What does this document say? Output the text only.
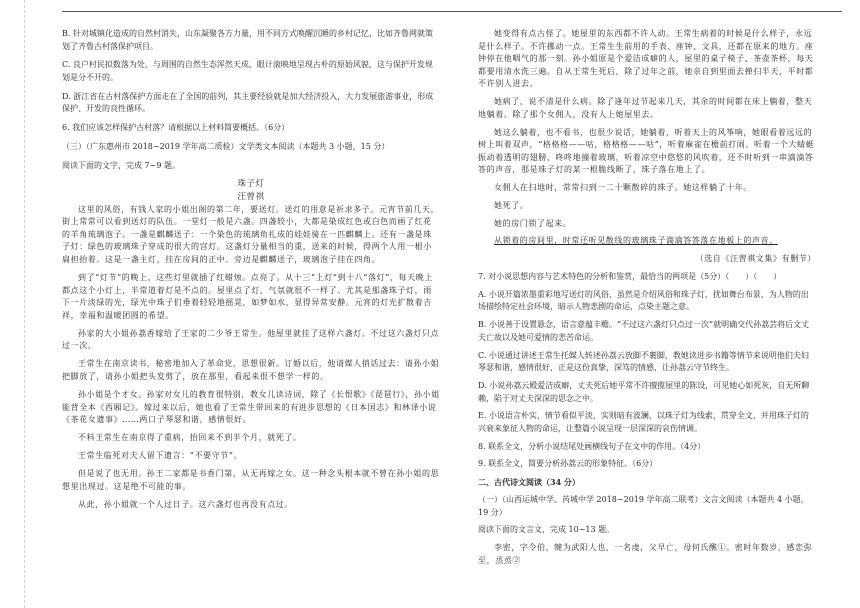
B. 针对城镇化造成的自然村消失，山东凝聚各方力量，用不同方式唤醒沉睡的乡村记忆，比如齐鲁网就策划了齐鲁古村落保护项目。

C. 良户村民拟数落为处，与周围的自然生态浑然天成，眼计滚映地呈现古朴的原始风貌，这与保护开发规划是分不开的。

D. 浙江省在古村落保护方面走在了全国的前列，其主要经验就是加大经济投入，大力发展旅游事业，形成保护、开发的良性循环。

6. 我们应该怎样保护古村落？请根据以上材料简要概括。（6分）

（三）（广东惠州市 2018~2019 学年高二质检）文学类文本阅读（本题共 3 小题，15 分）

阅读下面的文字，完成 7~9 题。

珠子灯

汪曾祺

这里的风俗，有钱人家的小姐出阁的第二年，要送灯。送灯的用意是祈求多子。元宵节前几天，街上常常可以看到送灯的队伍。一堂灯一般是六盏。四盏较小，大都是染成红色或白色而画了红花的羊角琉璃泡子。一盏是麒麟送子：一个染色的琉璃角扎成的娃娃骑在一匹麒麟上。还有一盏是珠子灯：绿色的玻璃珠子穿成的很大的宫灯。这盏灯分量相当的重，送来的时候，得两个人用一根小扁担抬着。这是一盏主灯，挂在房间的正中。旁边是麒麟送子，玻璃泡子挂在四角。

到了“灯节”的晚上，这些灯里就插了红蜡烛。点亮了。从十三“上灯”到十八“落灯”，每天晚上都点这个小灯上，半常道着灯是不点的。屋里点了灯，气氛就很不一样了。尤其是那盏珠子灯，雨下一片淡绿的光，绿光中珠子们垂着轻轻地摇晃，如梦如水，显得异常安静。元宵的灯光扩散着吉祥，幸福和温暖团圆的希望。

孙家的大小姐孙荔香嫁给了王家的二少爷王常生。他屋里就挂了这样六盏灯。不过这六盏灯只点过一次。

王常生在南京读书，秘密地加入了革命党，思想很新。订婚以后，他请媒人捎话过去：请孙小姐把脚放了，请孙小姐把头发剪了，放在那里，看起来很不想学一样的。

孙小姐是个才女。孙家对女儿的教育很特别，教女儿读诗词，除了《长恨歌》《琵琶行》，孙小姐能背全本《西厢记》。嫁过来以后，她也看了王常生带回来的有进步思想的《日本国志》和林译小说《茶花女遗事》……两口子琴瑟和谐，感情很好。

不料王常生在南京得了重病，抬回来不到半个月，就死了。

王常生临死对夫人留下遗言：“不要守节”。

但是说了也无用。孙王二家都是书香门第，从无再嫁之女。这一种念头根本就不曾在孙小姐的思想里出现过。这是绝不可能的事。

从此，孙小姐就一个人过日子。这六盏灯也再没有点过。

她变得有点古怪了。她屋里的东西都不许人动。王常生病着的时候是什么样子，永远是什么样子。不许挪动一点。王常生生前用的手表、座钟、文具，还都在原来的地方。座钟停在他咽气的那一刻。孙小姐原是个爱洁成癖的人，屋里的桌子椅子、茶壶茶杯，每天都要用清水洗三遍。自从王常生死后，除了过年之前，她亲自到里面去掸扫半天，平时都不许别人进去。

她病了，说不清是什么病。除了逢年过节起来几天，其余的时间都在床上躺着，整天地躺着。除了那个女佣人，没有人上她屋里去。

她这么躺着，也不看书，也很少说话，她躺着，听着天上的风筝响，她眼看着远远的树上叫着双声，“格格格——咕，格格格——咕”，听着麻雀在檐前打闹。听着一个大蜻蜓振动着透明的翅膀，咚咚地撞着玻璃，听着凉空中悠悠的风吹着，还不时听到一串滴滴答答的声音，那是珠子灯的某一根脆线断了，珠子落在地上了。

女佣人在扫地时，常常扫到一二十颗散碎的珠子。她这样躺了十年。

她死了。

她的房门锁了起来。

从锁着的房间里，时常还听见散线的玻璃珠子滴滴答答落在地板上的声音。

（选自《汪曾祺文集》有删节）

7. 对小说思想内容与艺术特色的分析和鉴赏，最恰当的两项是（5分）（　　）（　　）

A. 小说开篇浓墨重彩地写送灯的风俗，虽然是介绍风俗和珠子灯，扰如舞台布景，为人物的出场描绘特定社会环境，暗示人物悲剧的命运，点染主题之意。

B. 小说善于设置悬念，语言意蕴丰赡。“不过这六盏灯只点过一次”就明确交代孙荔芸将后文丈夫亡故以及她可爱情的悲苦命运。

C. 小说通过讲述王常生托媒人转述孙荔云放脚不裹脚，教她读进步书籍等情节来说明他们夫妇琴瑟和谐，感情很好，正是这份真挚，深笃的情感，让孙荔云守节终生。

D. 小说孙荔云殿爱洁成癖，丈夫死后她平常不许擅揽屋里的陈设，可见她心如死灰，自无所聊赖，陷于对丈夫深深的思念之中。

E. 小说语言朴实，情节看似平淡，实则暗有波澜，以珠子灯为线索，贯穿全文，并用珠子灯的兴衰来象征人物的命运，让整篇小说呈现一层深深的哀伤情调。

8. 联系全文，分析小说结尾处画横线句子在文中的作用。（4分）

9. 联系全文，简要分析孙荔云的形象特征。（6分）

二、古代诗文阅读（34 分）

（一）（山西运城中学、芮城中学 2018~2019 学年高二联考）文言文阅读（本题共 4 小题，19 分）

阅读下面的文言文，完成 10~13 题。

李密，字令伯，犍为武阳人也，一名虔，父早亡，母何氏醮①。密时年数岁，感恋弥至，烝烝②
